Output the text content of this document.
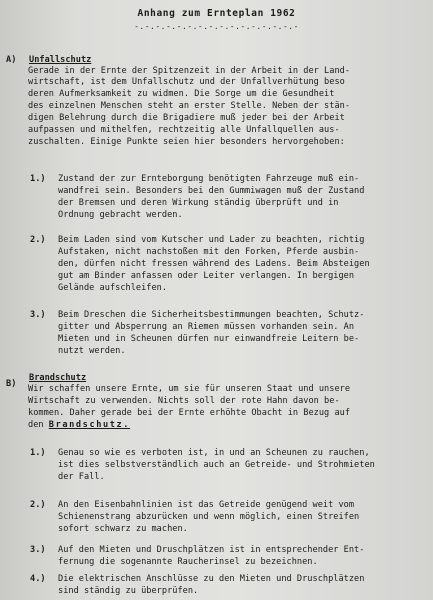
Anhang zum Ernteplan 1962
-.-.-.-.-.-.-.-.-.-.-.-.-.-.-.-
A) Unfallschutz
Gerade in der Ernte der Spitzenzeit in der Arbeit in der Land-
wirtschaft, ist dem Unfallschutz und der Unfallverhütung beso
deren Aufmerksamkeit zu widmen. Die Sorge um die Gesundheit
des einzelnen Menschen steht an erster Stelle. Neben der stän-
digen Belehrung durch die Brigadiere muß jeder bei der Arbeit
aufpassen und mithelfen, rechtzeitig alle Unfallquellen aus-
zuschalten. Einige Punkte seien hier besonders hervorgehoben:
1.) Zustand der zur Ernteborgung benötigten Fahrzeuge muß ein-
wandfrei sein. Besonders bei den Gummiwagen muß der Zustand
der Bremsen und deren Wirkung ständig überprüft und in
Ordnung gebracht werden.
2.) Beim Laden sind vom Kutscher und Lader zu beachten, richtig
Aufstaken, nicht nachstoßen mit den Forken, Pferde ausbin-
den, dürfen nicht fressen während des Ladens. Beim Absteigen
gut am Binder anfassen oder Leiter verlangen. In bergigen
Gelände aufschleifen.
3.) Beim Dreschen die Sicherheitsbestimmungen beachten, Schutz-
gitter und Absperrung an Riemen müssen vorhanden sein. An
Mieten und in Scheunen dürfen nur einwandfreie Leitern be-
nutzt werden.
B)
Brandschutz
Wir schaffen unsere Ernte, um sie für unseren Staat und unsere
Wirtschaft zu verwenden. Nichts soll der rote Hahn davon be-
kommen. Daher gerade bei der Ernte erhöhte Obacht in Bezug auf
den Brandschutz.
1.) Genau so wie es verboten ist, in und an Scheunen zu rauchen,
ist dies selbstverständlich auch an Getreide- und Strohmieten
der Fall.
2.) An den Eisenbahnlinien ist das Getreide genügend weit vom
Schienenstrang abzurücken und wenn möglich, einen Streifen
sofort schwarz zu machen.
3.) Auf den Mieten und Druschplätzen ist in entsprechender Ent-
fernung die sogenannte Raucherinsel zu bezeichnen.
4.) Die elektrischen Anschlüsse zu den Mieten und Druschplätzen
sind ständig zu überprüfen.
